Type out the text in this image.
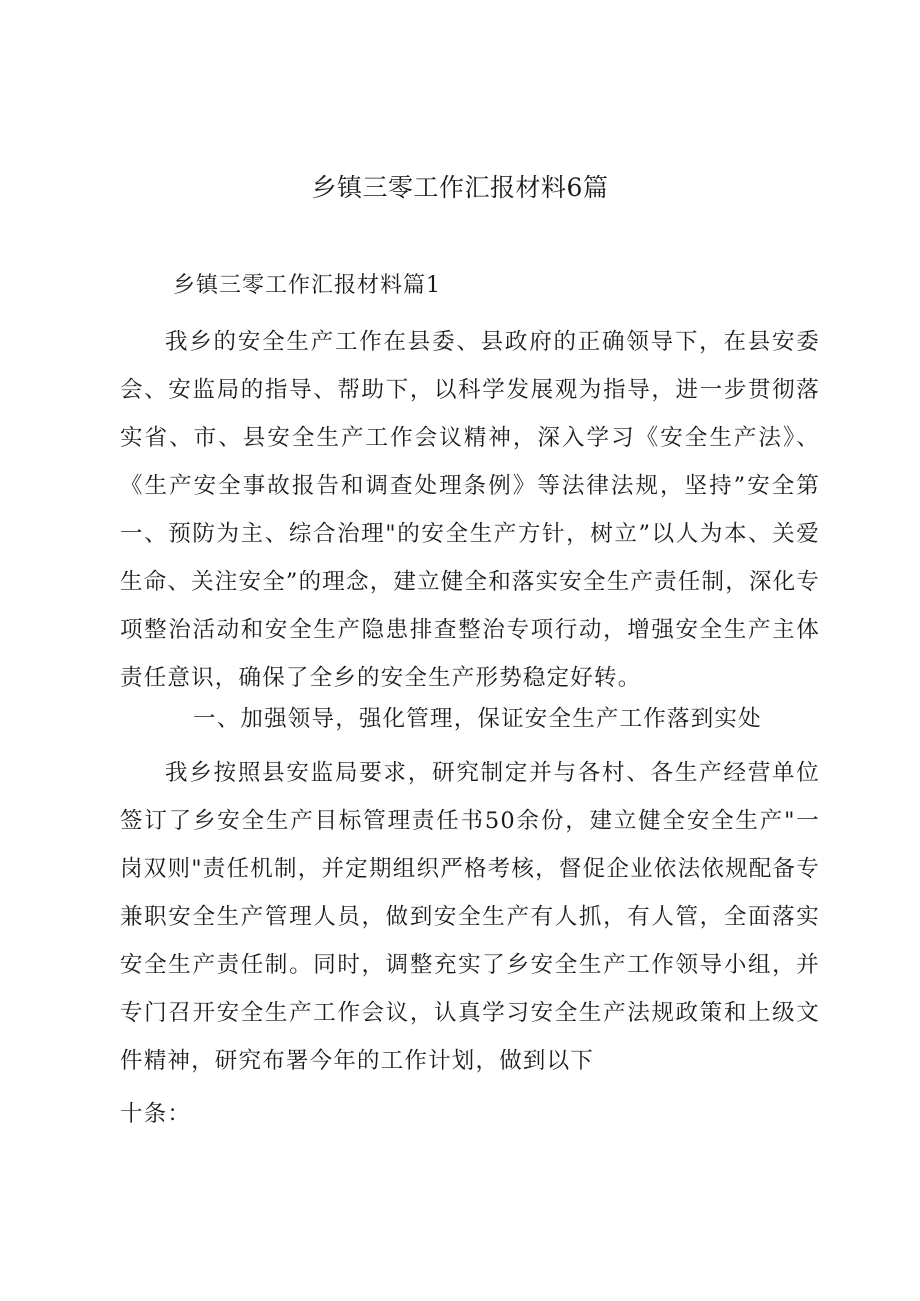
乡镇三零工作汇报材料6篇

乡镇三零工作汇报材料篇1

我乡的安全生产工作在县委、县政府的正确领导下，在县安委会、安监局的指导、帮助下，以科学发展观为指导，进一步贯彻落实省、市、县安全生产工作会议精神，深入学习《安全生产法》、《生产安全事故报告和调查处理条例》等法律法规，坚持”安全第一、预防为主、综合治理"的安全生产方针，树立”以人为本、关爱生命、关注安全”的理念，建立健全和落实安全生产责任制，深化专项整治活动和安全生产隐患排查整治专项行动，增强安全生产主体责任意识，确保了全乡的安全生产形势稳定好转。

一、加强领导，强化管理，保证安全生产工作落到实处

我乡按照县安监局要求，研究制定并与各村、各生产经营单位签订了乡安全生产目标管理责任书50余份，建立健全安全生产"一岗双则"责任机制，并定期组织严格考核，督促企业依法依规配备专兼职安全生产管理人员，做到安全生产有人抓，有人管，全面落实安全生产责任制。同时，调整充实了乡安全生产工作领导小组，并专门召开安全生产工作会议，认真学习安全生产法规政策和上级文件精神，研究布署今年的工作计划，做到以下

十条：
